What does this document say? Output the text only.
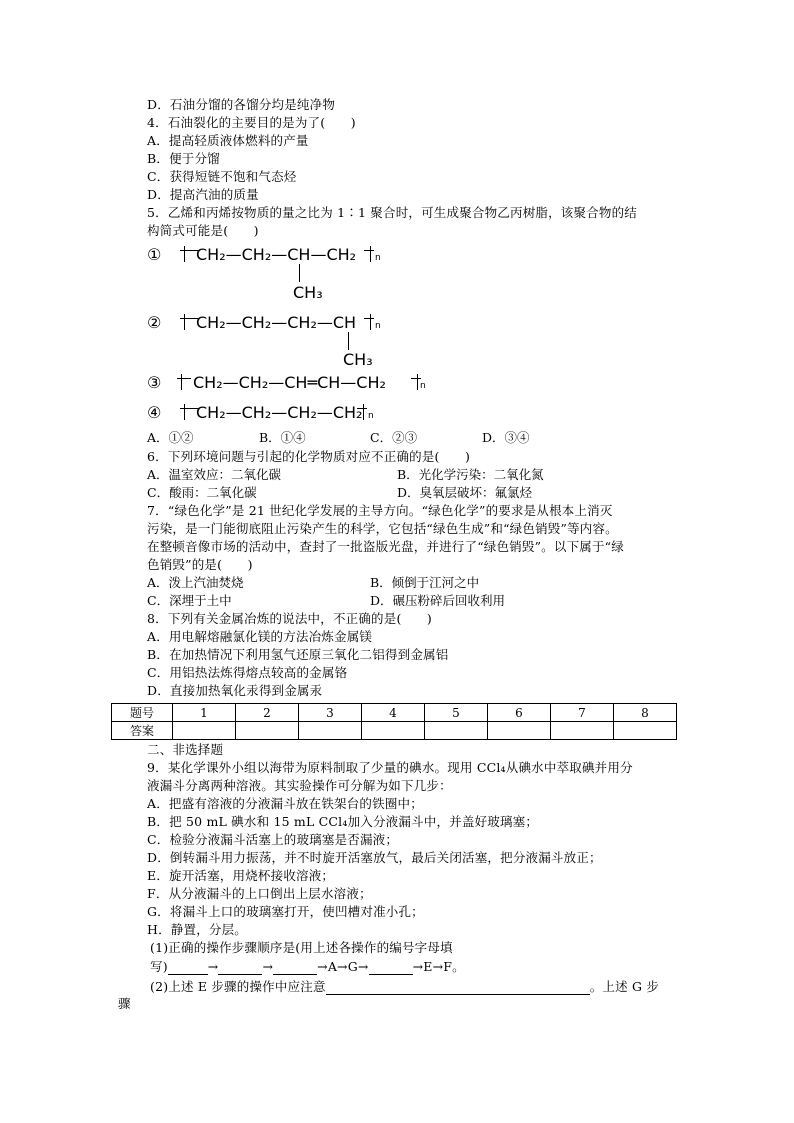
D．石油分馏的各馏分均是纯净物
4．石油裂化的主要目的是为了(　　)
A．提高轻质液体燃料的产量
B．便于分馏
C．获得短链不饱和气态烃
D．提高汽油的质量
5．乙烯和丙烯按物质的量之比为 1∶1 聚合时，可生成聚合物乙丙树脂，该聚合物的结
构简式可能是(　　)
① CH₂—CH₂—CH—CH₂ n
CH₃
② CH₂—CH₂—CH₂—CH n
CH₃
③ CH₂—CH₂—CH═CH—CH₂	n
④ CH₂—CH₂—CH₂—CH₂ n
A．①②	B．①④	C．②③	D．③④
6．下列环境问题与引起的化学物质对应不正确的是(　　)
A．温室效应：二氧化碳	B．光化学污染：二氧化氮
C．酸雨：二氧化碳	D．臭氧层破坏：氟氯烃
7．“绿色化学”是 21 世纪化学发展的主导方向。“绿色化学”的要求是从根本上消灭
污染，是一门能彻底阻止污染产生的科学，它包括“绿色生成”和“绿色销毁”等内容。
在整顿音像市场的活动中，查封了一批盗版光盘，并进行了“绿色销毁”。以下属于“绿
色销毁”的是(　　)
A．泼上汽油焚烧	B．倾倒于江河之中
C．深埋于土中	D．碾压粉碎后回收利用
8．下列有关金属冶炼的说法中，不正确的是(　　)
A．用电解熔融氯化镁的方法冶炼金属镁
B．在加热情况下利用氢气还原三氧化二铝得到金属铝
C．用铝热法炼得熔点较高的金属铬
D．直接加热氧化汞得到金属汞
题号	1	2	3	4	5	6	7	8
答案								
二、非选择题
9．某化学课外小组以海带为原料制取了少量的碘水。现用 CCl₄从碘水中萃取碘并用分
液漏斗分离两种溶液。其实验操作可分解为如下几步：
A．把盛有溶液的分液漏斗放在铁架台的铁圈中；
B．把 50 mL 碘水和 15 mL CCl₄加入分液漏斗中，并盖好玻璃塞；
C．检验分液漏斗活塞上的玻璃塞是否漏液；
D．倒转漏斗用力振荡，并不时旋开活塞放气，最后关闭活塞，把分液漏斗放正；
E．旋开活塞，用烧杯接收溶液；
F．从分液漏斗的上口倒出上层水溶液；
G．将漏斗上口的玻璃塞打开，使凹槽对准小孔；
H．静置，分层。
(1)正确的操作步骤顺序是(用上述各操作的编号字母填
写)	→	→	→A→G→	→E→F。
(2)上述 E 步骤的操作中应注意	。上述 G 步
骤
